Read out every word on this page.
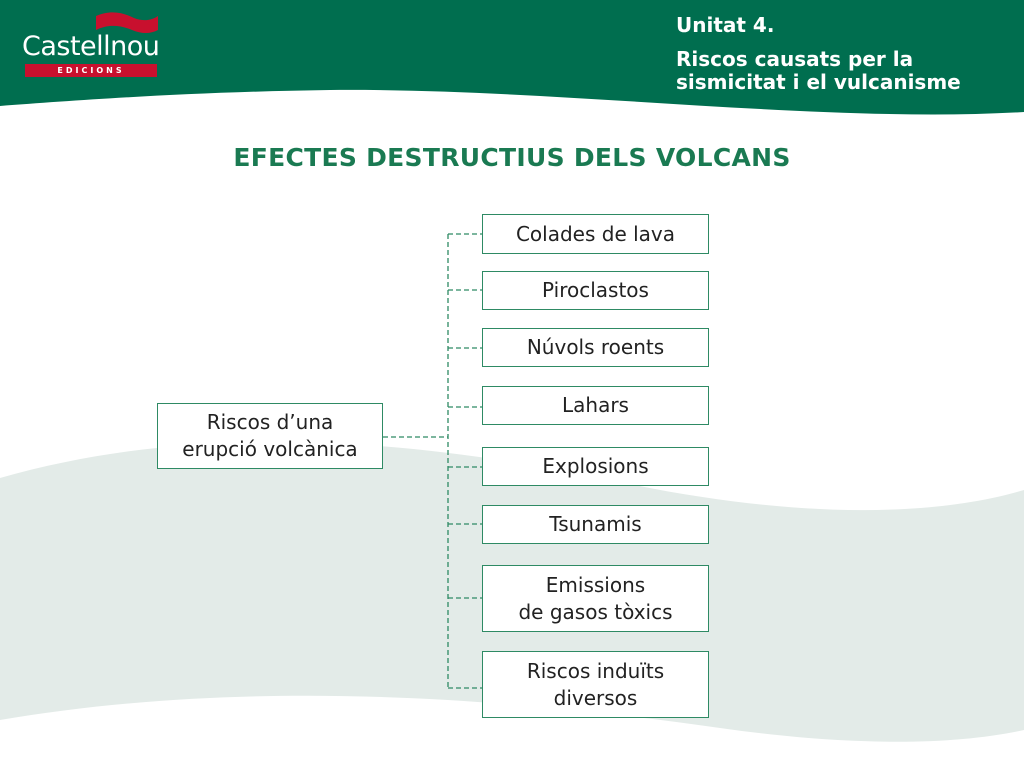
Castellnou
EDICIONS
Unitat 4.
Riscos causats per la
sismicitat i el vulcanisme
EFECTES DESTRUCTIUS DELS VOLCANS
Riscos d’una
erupció volcànica
Colades de lava
Piroclastos
Núvols roents
Lahars
Explosions
Tsunamis
Emissions
de gasos tòxics
Riscos induïts
diversos
